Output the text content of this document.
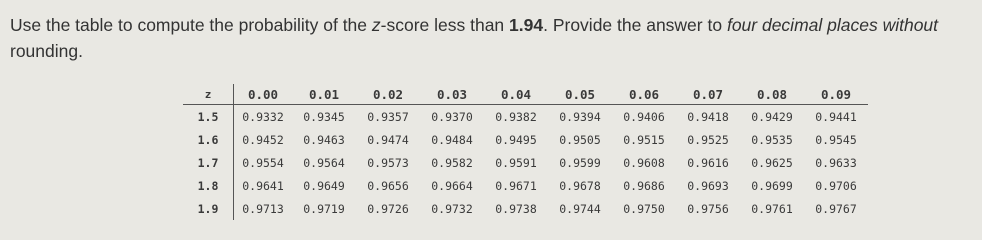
Use the table to compute the probability of the z-score less than 1.94. Provide the answer to four decimal places without rounding.
z	0.00	0.01	0.02	0.03	0.04	0.05	0.06	0.07	0.08	0.09
1.5	0.9332	0.9345	0.9357	0.9370	0.9382	0.9394	0.9406	0.9418	0.9429	0.9441
1.6	0.9452	0.9463	0.9474	0.9484	0.9495	0.9505	0.9515	0.9525	0.9535	0.9545
1.7	0.9554	0.9564	0.9573	0.9582	0.9591	0.9599	0.9608	0.9616	0.9625	0.9633
1.8	0.9641	0.9649	0.9656	0.9664	0.9671	0.9678	0.9686	0.9693	0.9699	0.9706
1.9	0.9713	0.9719	0.9726	0.9732	0.9738	0.9744	0.9750	0.9756	0.9761	0.9767
